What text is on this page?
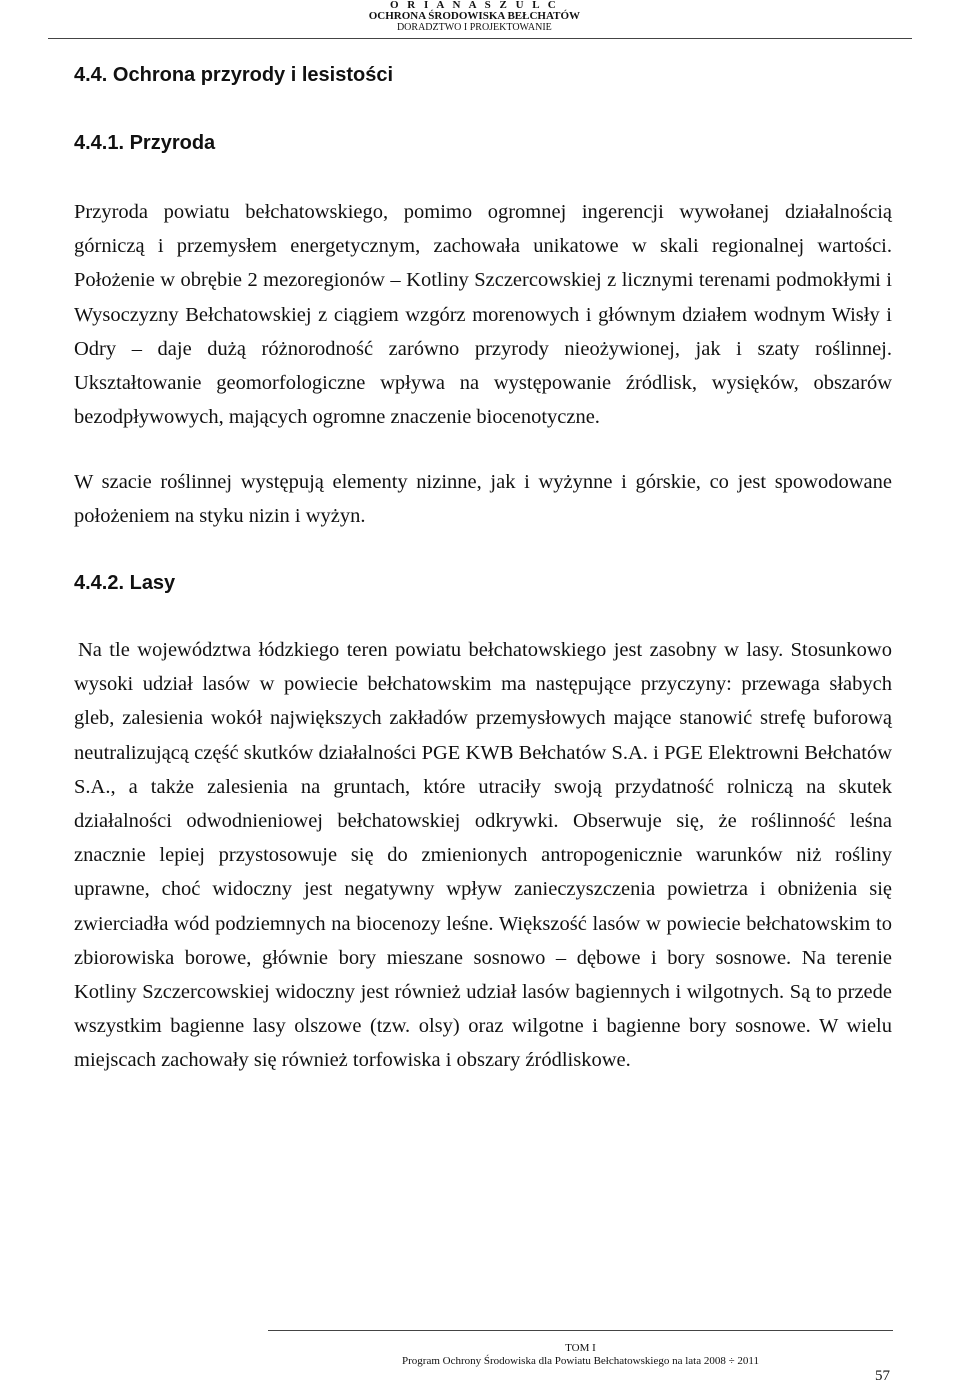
O R I A N A S Z U L C
OCHRONA ŚRODOWISKA BEŁCHATÓW
DORADZTWO I PROJEKTOWANIE
4.4. Ochrona przyrody i lesistości
4.4.1. Przyroda
Przyroda powiatu bełchatowskiego, pomimo ogromnej ingerencji wywołanej działalnością górniczą i przemysłem energetycznym, zachowała unikatowe w skali regionalnej wartości. Położenie w obrębie 2 mezoregionów – Kotliny Szczercowskiej z licznymi terenami podmokłymi i Wysoczyzny Bełchatowskiej z ciągiem wzgórz morenowych i głównym działem wodnym Wisły i Odry – daje dużą różnorodność zarówno przyrody nieożywionej, jak i szaty roślinnej. Ukształtowanie geomorfologiczne wpływa na występowanie źródlisk, wysięków, obszarów bezodpływowych, mających ogromne znaczenie biocenotyczne.
W szacie roślinnej występują elementy nizinne, jak i wyżynne i górskie, co jest spowodowane położeniem na styku nizin i wyżyn.
4.4.2. Lasy
Na tle województwa łódzkiego teren powiatu bełchatowskiego jest zasobny w lasy. Stosunkowo wysoki udział lasów w powiecie bełchatowskim ma następujące przyczyny: przewaga słabych gleb, zalesienia wokół największych zakładów przemysłowych mające stanowić strefę buforową neutralizującą część skutków działalności PGE KWB Bełchatów S.A. i PGE Elektrowni Bełchatów S.A., a także zalesienia na gruntach, które utraciły swoją przydatność rolniczą na skutek działalności odwodnieniowej bełchatowskiej odkrywki. Obserwuje się, że roślinność leśna znacznie lepiej przystosowuje się do zmienionych antropogenicznie warunków niż rośliny uprawne, choć widoczny jest negatywny wpływ zanieczyszczenia powietrza i obniżenia się zwierciadła wód podziemnych na biocenozy leśne. Większość lasów w powiecie bełchatowskim to zbiorowiska borowe, głównie bory mieszane sosnowo – dębowe i bory sosnowe. Na terenie Kotliny Szczercowskiej widoczny jest również udział lasów bagiennych i wilgotnych. Są to przede wszystkim bagienne lasy olszowe (tzw. olsy) oraz wilgotne i bagienne bory sosnowe. W wielu miejscach zachowały się również torfowiska i obszary źródliskowe.
TOM I
Program Ochrony Środowiska dla Powiatu Bełchatowskiego na lata 2008 ÷ 2011
57
